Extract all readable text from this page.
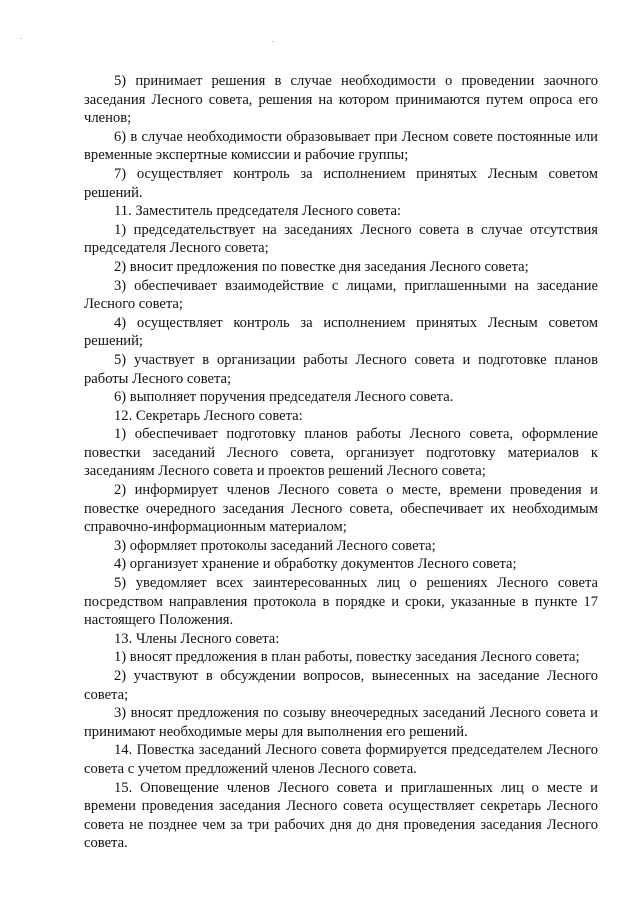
5) принимает решения в случае необходимости о проведении заочного заседания Лесного совета, решения на котором принимаются путем опроса его членов;

6) в случае необходимости образовывает при Лесном совете постоянные или временные экспертные комиссии и рабочие группы;

7) осуществляет контроль за исполнением принятых Лесным советом решений.

11. Заместитель председателя Лесного совета:

1) председательствует на заседаниях Лесного совета в случае отсутствия председателя Лесного совета;

2) вносит предложения по повестке дня заседания Лесного совета;

3) обеспечивает взаимодействие с лицами, приглашенными на заседание Лесного совета;

4) осуществляет контроль за исполнением принятых Лесным советом решений;

5) участвует в организации работы Лесного совета и подготовке планов работы Лесного совета;

6) выполняет поручения председателя Лесного совета.

12. Секретарь Лесного совета:

1) обеспечивает подготовку планов работы Лесного совета, оформление повестки заседаний Лесного совета, организует подготовку материалов к заседаниям Лесного совета и проектов решений Лесного совета;

2) информирует членов Лесного совета о месте, времени проведения и повестке очередного заседания Лесного совета, обеспечивает их необходимым справочно-информационным материалом;

3) оформляет протоколы заседаний Лесного совета;

4) организует хранение и обработку документов Лесного совета;

5) уведомляет всех заинтересованных лиц о решениях Лесного совета посредством направления протокола в порядке и сроки, указанные в пункте 17 настоящего Положения.

13. Члены Лесного совета:

1) вносят предложения в план работы, повестку заседания Лесного совета;

2) участвуют в обсуждении вопросов, вынесенных на заседание Лесного совета;

3) вносят предложения по созыву внеочередных заседаний Лесного совета и принимают необходимые меры для выполнения его решений.

14. Повестка заседаний Лесного совета формируется председателем Лесного совета с учетом предложений членов Лесного совета.

15. Оповещение членов Лесного совета и приглашенных лиц о месте и времени проведения заседания Лесного совета осуществляет секретарь Лесного совета не позднее чем за три рабочих дня до дня проведения заседания Лесного совета.
